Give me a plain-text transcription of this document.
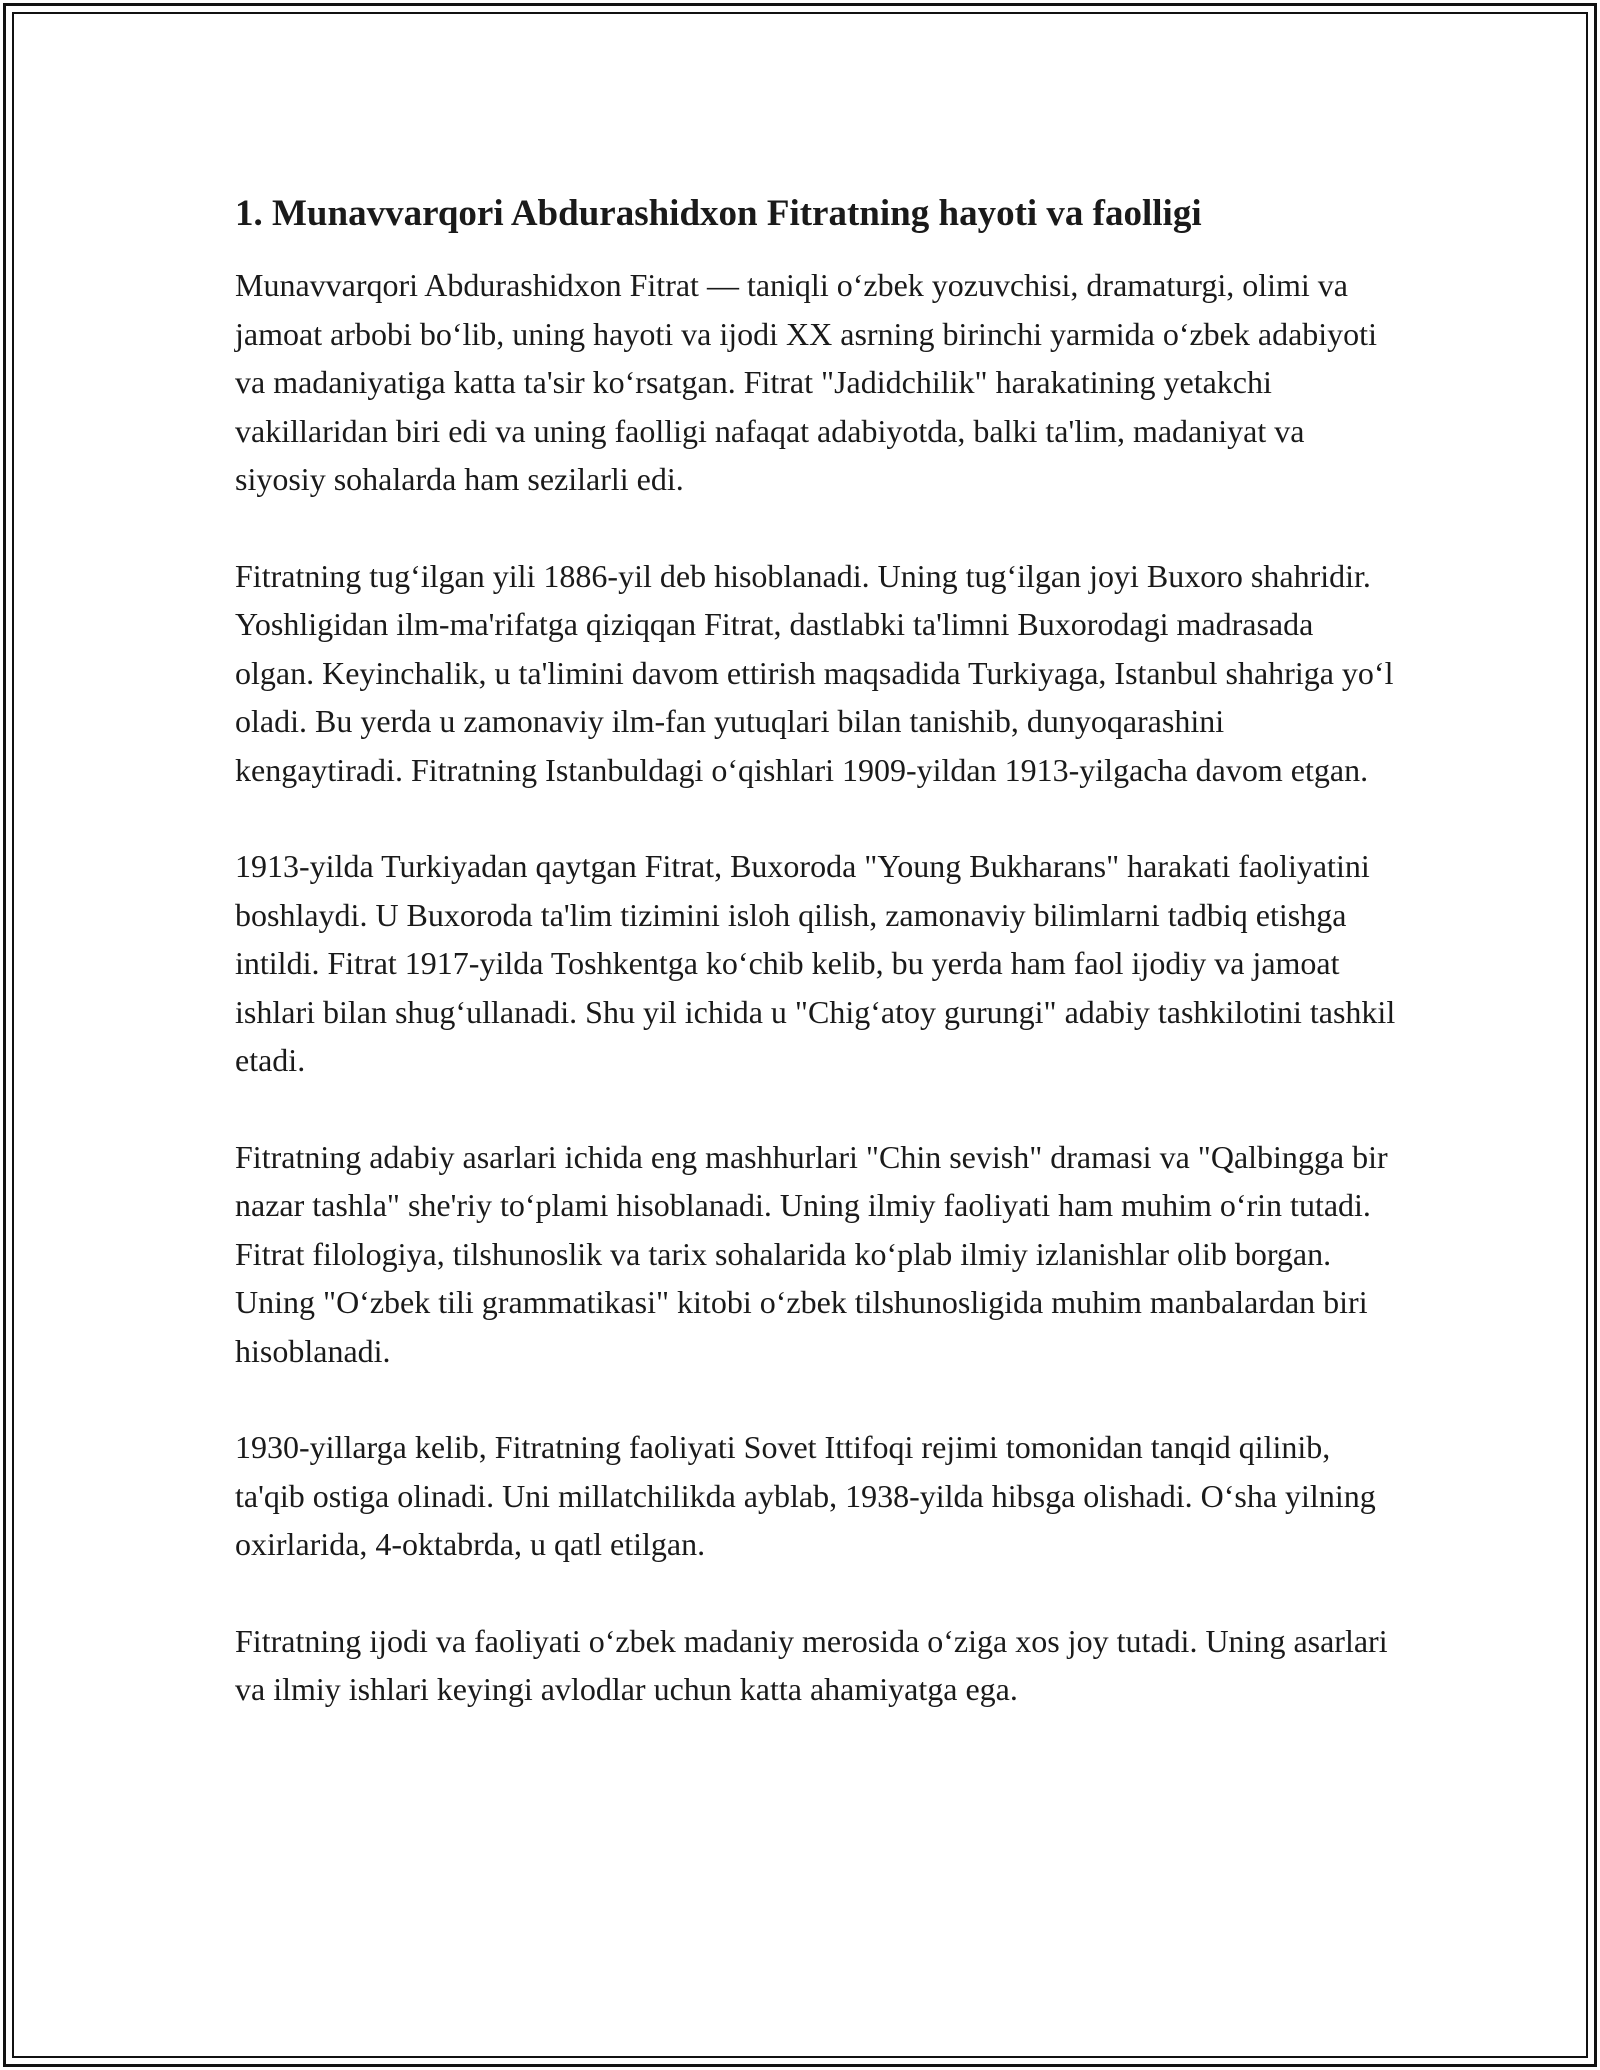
1. Munavvarqori Abdurashidxon Fitratning hayoti va faolligi

Munavvarqori Abdurashidxon Fitrat — taniqli o‘zbek yozuvchisi, dramaturgi, olimi va jamoat arbobi bo‘lib, uning hayoti va ijodi XX asrning birinchi yarmida o‘zbek adabiyoti va madaniyatiga katta ta'sir ko‘rsatgan. Fitrat "Jadidchilik" harakatining yetakchi vakillaridan biri edi va uning faolligi nafaqat adabiyotda, balki ta'lim, madaniyat va siyosiy sohalarda ham sezilarli edi.

Fitratning tug‘ilgan yili 1886-yil deb hisoblanadi. Uning tug‘ilgan joyi Buxoro shahridir. Yoshligidan ilm-ma'rifatga qiziqqan Fitrat, dastlabki ta'limni Buxorodagi madrasada olgan. Keyinchalik, u ta'limini davom ettirish maqsadida Turkiyaga, Istanbul shahriga yo‘l oladi. Bu yerda u zamonaviy ilm-fan yutuqlari bilan tanishib, dunyoqarashini kengaytiradi. Fitratning Istanbuldagi o‘qishlari 1909-yildan 1913-yilgacha davom etgan.

1913-yilda Turkiyadan qaytgan Fitrat, Buxoroda "Young Bukharans" harakati faoliyatini boshlaydi. U Buxoroda ta'lim tizimini isloh qilish, zamonaviy bilimlarni tadbiq etishga intildi. Fitrat 1917-yilda Toshkentga ko‘chib kelib, bu yerda ham faol ijodiy va jamoat ishlari bilan shug‘ullanadi. Shu yil ichida u "Chig‘atoy gurungi" adabiy tashkilotini tashkil etadi.

Fitratning adabiy asarlari ichida eng mashhurlari "Chin sevish" dramasi va "Qalbingga bir nazar tashla" she'riy to‘plami hisoblanadi. Uning ilmiy faoliyati ham muhim o‘rin tutadi. Fitrat filologiya, tilshunoslik va tarix sohalarida ko‘plab ilmiy izlanishlar olib borgan. Uning "O‘zbek tili grammatikasi" kitobi o‘zbek tilshunosligida muhim manbalardan biri hisoblanadi.

1930-yillarga kelib, Fitratning faoliyati Sovet Ittifoqi rejimi tomonidan tanqid qilinib, ta'qib ostiga olinadi. Uni millatchilikda ayblab, 1938-yilda hibsga olishadi. O‘sha yilning oxirlarida, 4-oktabrda, u qatl etilgan.

Fitratning ijodi va faoliyati o‘zbek madaniy merosida o‘ziga xos joy tutadi. Uning asarlari va ilmiy ishlari keyingi avlodlar uchun katta ahamiyatga ega.
